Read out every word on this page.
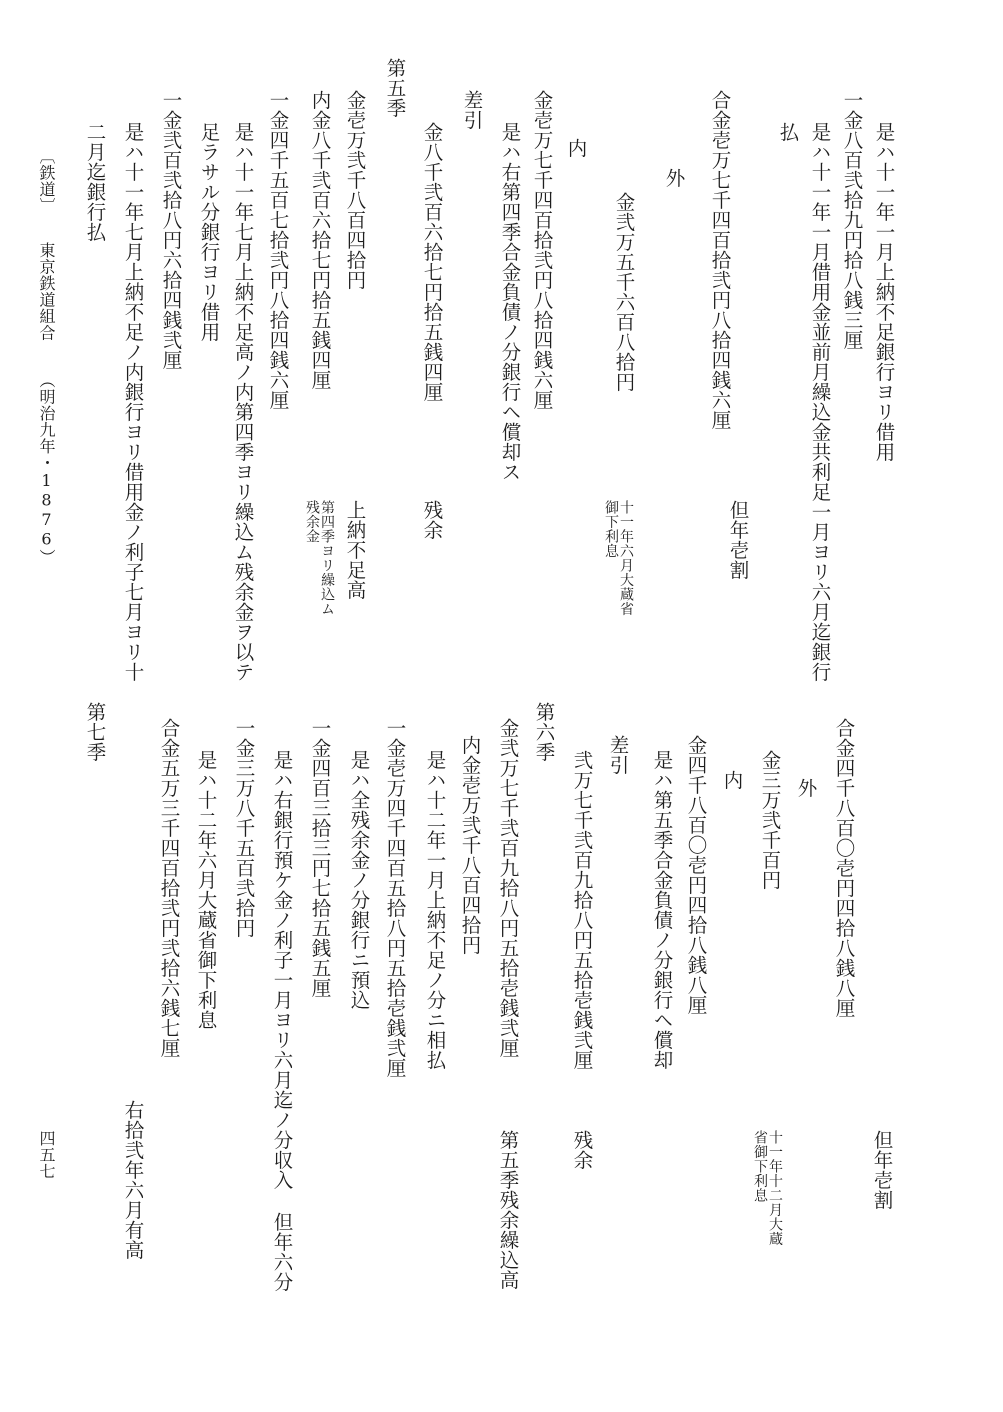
是ハ十一年一月上納不足銀行ヨリ借用
一金八百弐拾九円拾八銭三厘
是ハ十一年一月借用金並前月繰込金共利足一月ヨリ六月迄銀行
払
但年壱割
合金壱万七千四百拾弐円八拾四銭六厘
外
金弐万五千六百八拾円
十一年六月大蔵省
御下利息
内
金壱万七千四百拾弐円八拾四銭六厘
是ハ右第四季合金負債ノ分銀行ヘ償却ス
差引
金八千弐百六拾七円拾五銭四厘
残余
第五季
金壱万弐千八百四拾円
上納不足高
内金八千弐百六拾七円拾五銭四厘
第四季ヨリ繰込ム
残余金
一金四千五百七拾弐円八拾四銭六厘
是ハ十一年七月上納不足高ノ内第四季ヨリ繰込ム残余金ヲ以テ
足ラサル分銀行ヨリ借用
一金弐百弐拾八円六拾四銭弐厘
是ハ十一年七月上納不足ノ内銀行ヨリ借用金ノ利子七月ヨリ十
二月迄銀行払
合金四千八百〇壱円四拾八銭八厘
但年壱割
外
金三万弐千百円
十一年十二月大蔵
省御下利息
内
金四千八百〇壱円四拾八銭八厘
是ハ第五季合金負債ノ分銀行ヘ償却
差引
弐万七千弐百九拾八円五拾壱銭弐厘
残余
第六季
金弐万七千弐百九拾八円五拾壱銭弐厘
第五季残余繰込高
内金壱万弐千八百四拾円
是ハ十二年一月上納不足ノ分ニ相払
一金壱万四千四百五拾八円五拾壱銭弐厘
是ハ全残余金ノ分銀行ニ預込
一金四百三拾三円七拾五銭五厘
是ハ右銀行預ケ金ノ利子一月ヨリ六月迄ノ分収入
但年六分
一金三万八千五百弐拾円
是ハ十二年六月大蔵省御下利息
合金五万三千四百拾弐円弐拾六銭七厘
右拾弐年六月有高
第七季
〔鉄道〕
東京鉄道組合
（明治九年・1876）
四五七
